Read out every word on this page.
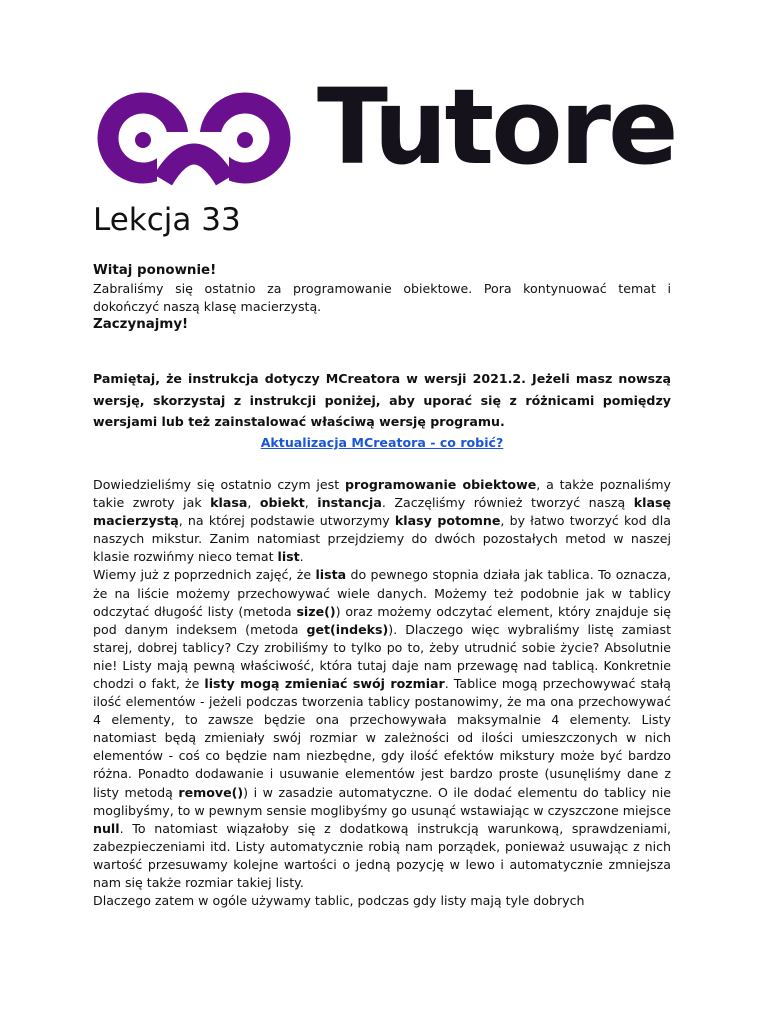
Tutore
Lekcja 33

Witaj ponownie!

Zabraliśmy się ostatnio za programowanie obiektowe. Pora kontynuować temat i dokończyć naszą klasę macierzystą.

Zaczynajmy!

Pamiętaj, że instrukcja dotyczy MCreatora w wersji 2021.2. Jeżeli masz nowszą wersję, skorzystaj z instrukcji poniżej, aby uporać się z różnicami pomiędzy wersjami lub też zainstalować właściwą wersję programu.

Aktualizacja MCreatora - co robić?

Dowiedzieliśmy się ostatnio czym jest programowanie obiektowe, a także poznaliśmy takie zwroty jak klasa, obiekt, instancja. Zaczęliśmy również tworzyć naszą klasę macierzystą, na której podstawie utworzymy klasy potomne, by łatwo tworzyć kod dla naszych mikstur. Zanim natomiast przejdziemy do dwóch pozostałych metod w naszej klasie rozwińmy nieco temat list.

Wiemy już z poprzednich zajęć, że lista do pewnego stopnia działa jak tablica. To oznacza, że na liście możemy przechowywać wiele danych. Możemy też podobnie jak w tablicy odczytać długość listy (metoda size()) oraz możemy odczytać element, który znajduje się pod danym indeksem (metoda get(indeks)). Dlaczego więc wybraliśmy listę zamiast starej, dobrej tablicy? Czy zrobiliśmy to tylko po to, żeby utrudnić sobie życie? Absolutnie nie! Listy mają pewną właściwość, która tutaj daje nam przewagę nad tablicą. Konkretnie chodzi o fakt, że listy mogą zmieniać swój rozmiar. Tablice mogą przechowywać stałą ilość elementów - jeżeli podczas tworzenia tablicy postanowimy, że ma ona przechowywać 4 elementy, to zawsze będzie ona przechowywała maksymalnie 4 elementy. Listy natomiast będą zmieniały swój rozmiar w zależności od ilości umieszczonych w nich elementów - coś co będzie nam niezbędne, gdy ilość efektów mikstury może być bardzo różna. Ponadto dodawanie i usuwanie elementów jest bardzo proste (usunęliśmy dane z listy metodą remove()) i w zasadzie automatyczne. O ile dodać elementu do tablicy nie moglibyśmy, to w pewnym sensie moglibyśmy go usunąć wstawiając w czyszczone miejsce null. To natomiast wiązałoby się z dodatkową instrukcją warunkową, sprawdzeniami, zabezpieczeniami itd. Listy automatycznie robią nam porządek, ponieważ usuwając z nich wartość przesuwamy kolejne wartości o jedną pozycję w lewo i automatycznie zmniejsza nam się także rozmiar takiej listy.

Dlaczego zatem w ogóle używamy tablic, podczas gdy listy mają tyle dobrych
